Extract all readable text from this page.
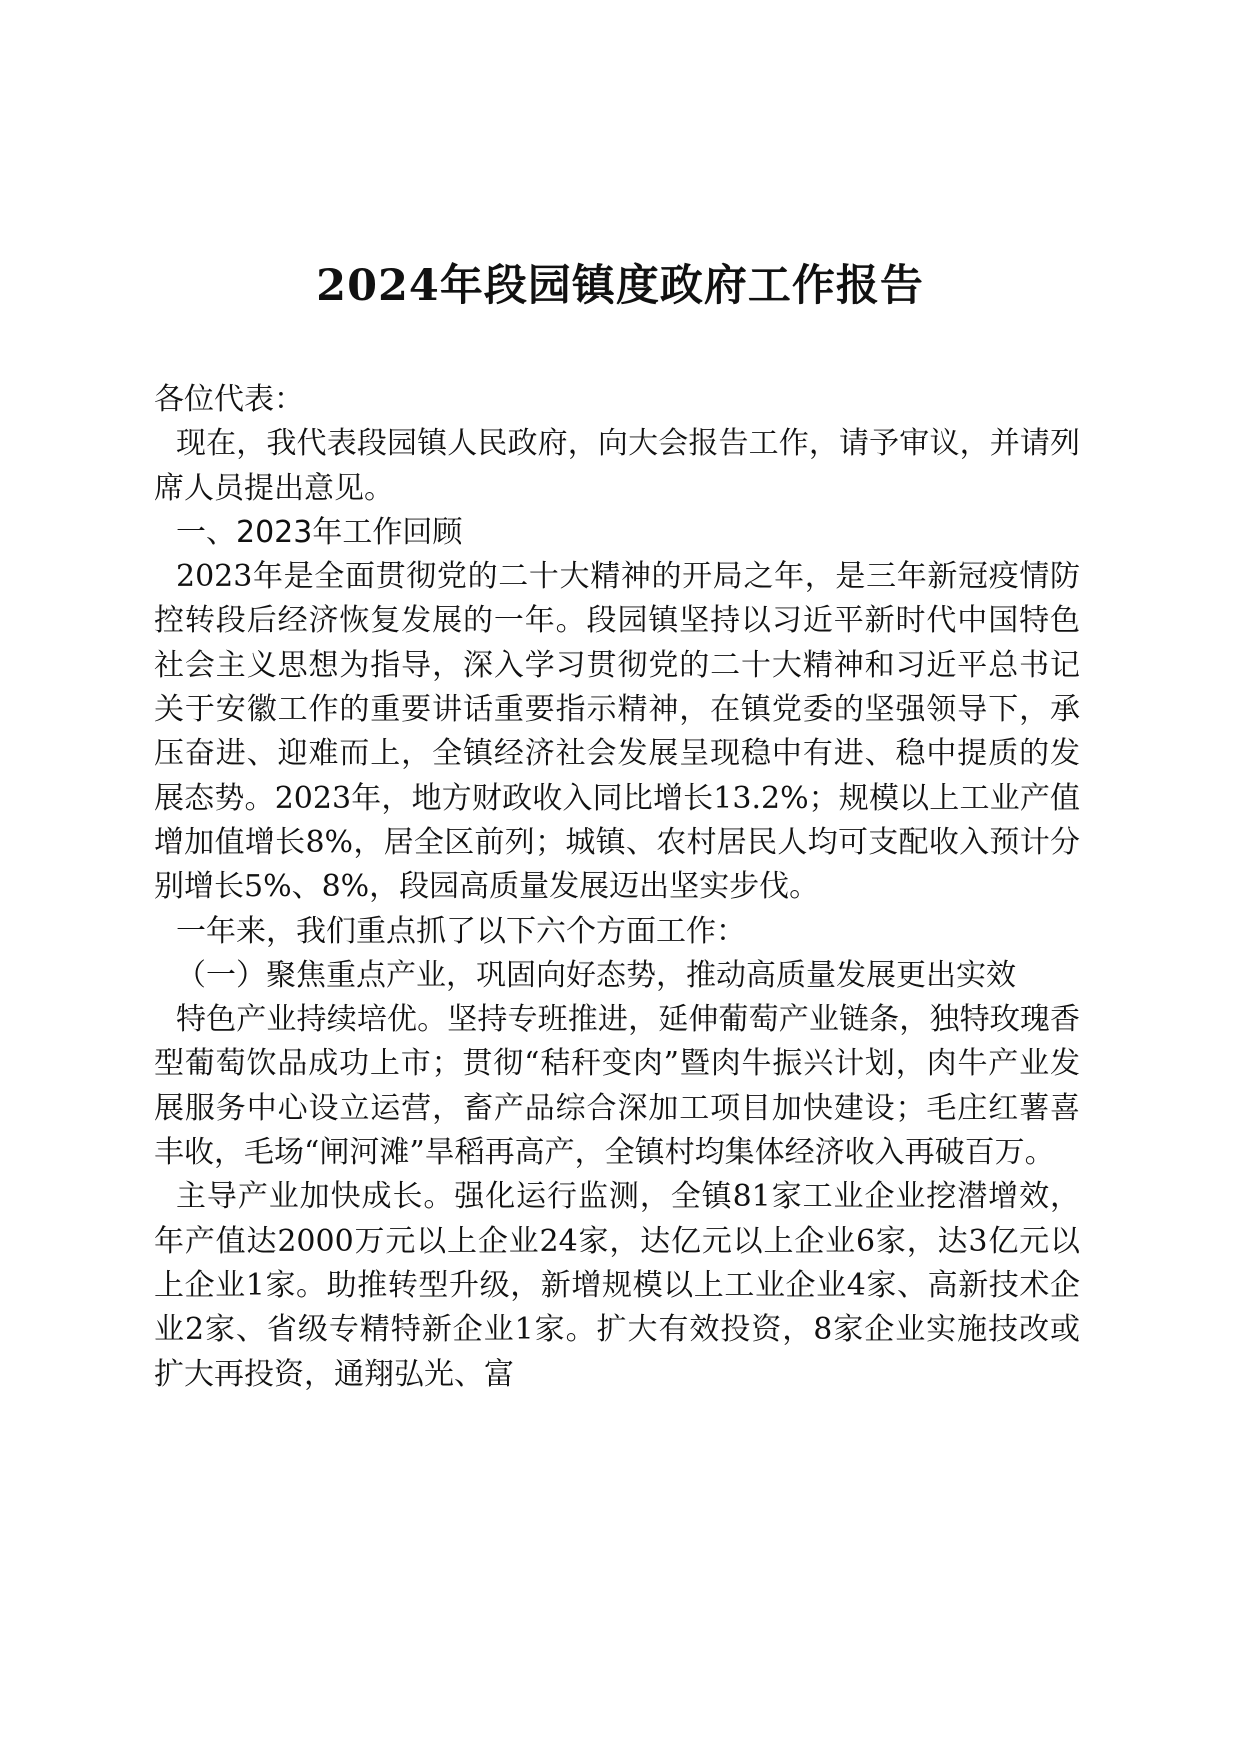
2024年段园镇度政府工作报告

各位代表：

现在，我代表段园镇人民政府，向大会报告工作，请予审议，并请列席人员提出意见。

一、2023年工作回顾

2023年是全面贯彻党的二十大精神的开局之年，是三年新冠疫情防控转段后经济恢复发展的一年。段园镇坚持以习近平新时代中国特色社会主义思想为指导，深入学习贯彻党的二十大精神和习近平总书记关于安徽工作的重要讲话重要指示精神，在镇党委的坚强领导下，承压奋进、迎难而上，全镇经济社会发展呈现稳中有进、稳中提质的发展态势。2023年，地方财政收入同比增长13.2%；规模以上工业产值增加值增长8%，居全区前列；城镇、农村居民人均可支配收入预计分别增长5%、8%，段园高质量发展迈出坚实步伐。

一年来，我们重点抓了以下六个方面工作：

（一）聚焦重点产业，巩固向好态势，推动高质量发展更出实效

特色产业持续培优。坚持专班推进，延伸葡萄产业链条，独特玫瑰香型葡萄饮品成功上市；贯彻“秸秆变肉”暨肉牛振兴计划，肉牛产业发展服务中心设立运营，畜产品综合深加工项目加快建设；毛庄红薯喜丰收，毛场“闸河滩”旱稻再高产，全镇村均集体经济收入再破百万。

主导产业加快成长。强化运行监测，全镇81家工业企业挖潜增效，年产值达2000万元以上企业24家，达亿元以上企业6家，达3亿元以上企业1家。助推转型升级，新增规模以上工业企业4家、高新技术企业2家、省级专精特新企业1家。扩大有效投资，8家企业实施技改或扩大再投资，通翔弘光、富
